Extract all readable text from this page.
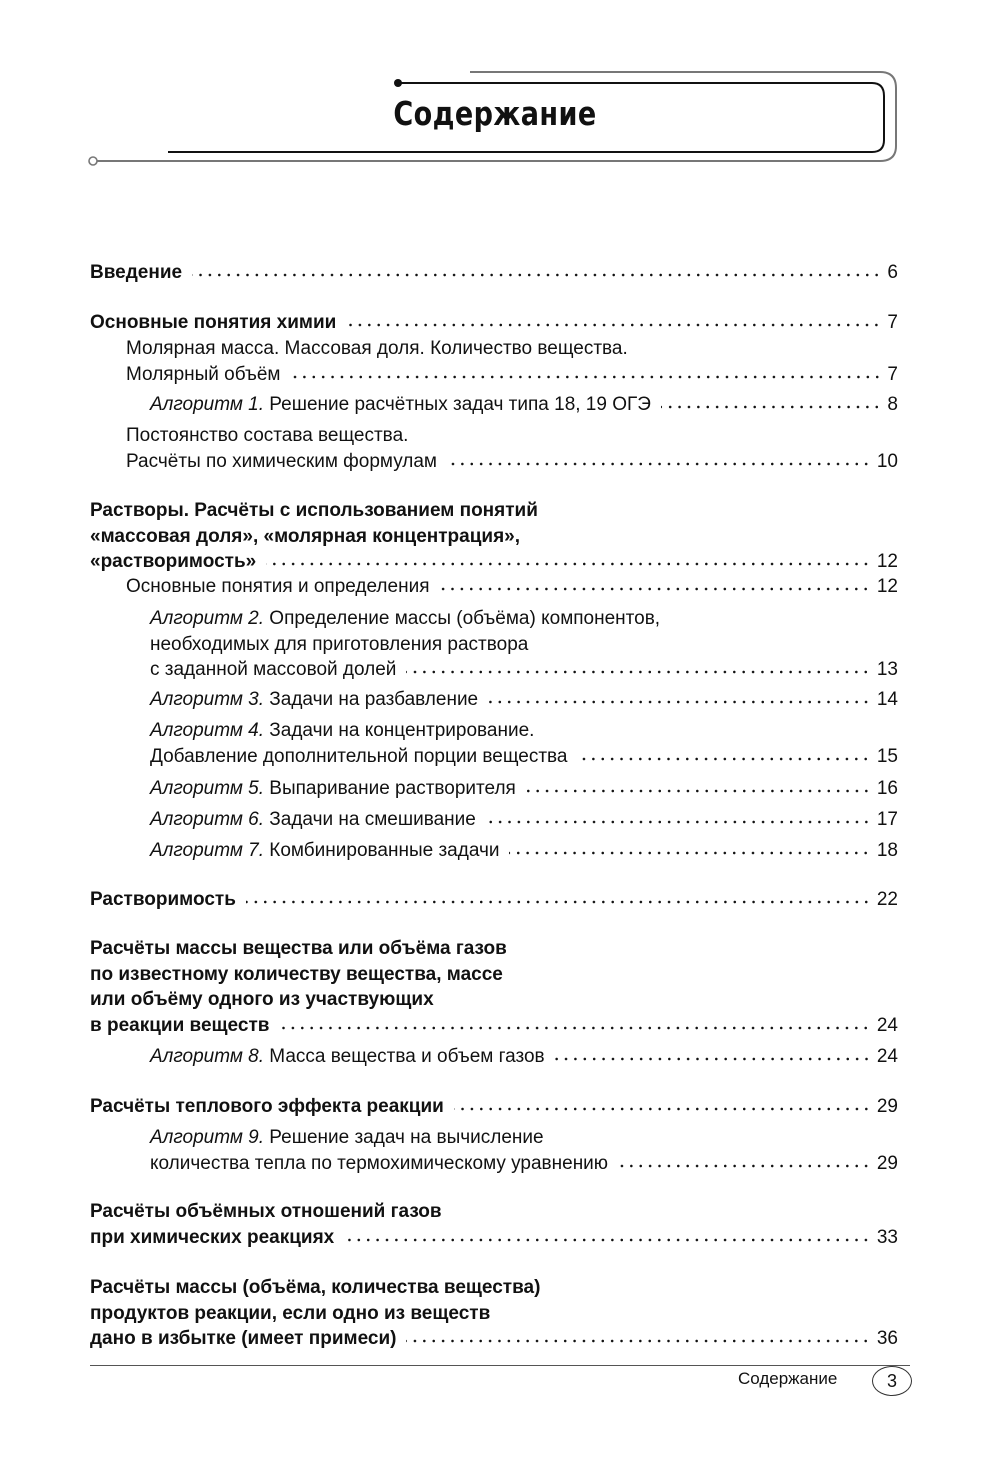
Содержание
Введение	6
Основные понятия химии	7
Молярная масса. Массовая доля. Количество вещества.
Молярный объём	7
Алгоритм 1. Решение расчётных задач типа 18, 19 ОГЭ	8
Постоянство состава вещества.
Расчёты по химическим формулам	10
Растворы. Расчёты с использованием понятий
«массовая доля», «молярная концентрация»,
«растворимость»	12
Основные понятия и определения	12
Алгоритм 2. Определение массы (объёма) компонентов,
необходимых для приготовления раствора
с заданной массовой долей	13
Алгоритм 3. Задачи на разбавление	14
Алгоритм 4. Задачи на концентрирование.
Добавление дополнительной порции вещества	15
Алгоритм 5. Выпаривание растворителя	16
Алгоритм 6. Задачи на смешивание	17
Алгоритм 7. Комбинированные задачи	18
Растворимость	22
Расчёты массы вещества или объёма газов
по известному количеству вещества, массе
или объёму одного из участвующих
в реакции веществ	24
Алгоритм 8. Масса вещества и объем газов	24
Расчёты теплового эффекта реакции	29
Алгоритм 9. Решение задач на вычисление
количества тепла по термохимическому уравнению	29
Расчёты объёмных отношений газов
при химических реакциях	33
Расчёты массы (объёма, количества вещества)
продуктов реакции, если одно из веществ
дано в избытке (имеет примеси)	36
Содержание	3
